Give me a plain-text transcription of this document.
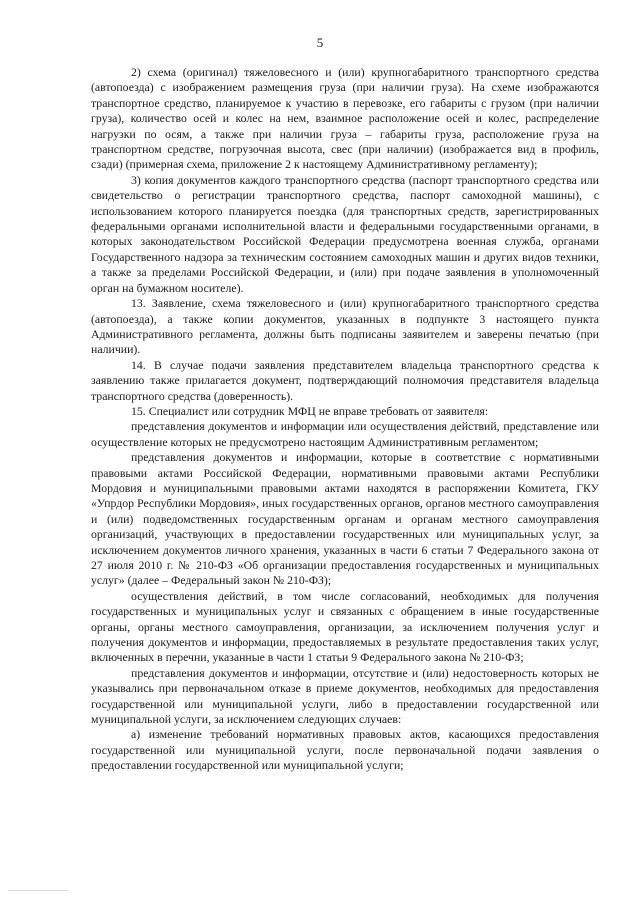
5

2) схема (оригинал) тяжеловесного и (или) крупногабаритного транспортного средства (автопоезда) с изображением размещения груза (при наличии груза). На схеме изображаются транспортное средство, планируемое к участию в перевозке, его габариты с грузом (при наличии груза), количество осей и колес на нем, взаимное расположение осей и колес, распределение нагрузки по осям, а также при наличии груза – габариты груза, расположение груза на транспортном средстве, погрузочная высота, свес (при наличии) (изображается вид в профиль, сзади) (примерная схема, приложение 2 к настоящему Административному регламенту);

3) копия документов каждого транспортного средства (паспорт транспортного средства или свидетельство о регистрации транспортного средства, паспорт самоходной машины), с использованием которого планируется поездка (для транспортных средств, зарегистрированных федеральными органами исполнительной власти и федеральными государственными органами, в которых законодательством Российской Федерации предусмотрена военная служба, органами Государственного надзора за техническим состоянием самоходных машин и других видов техники, а также за пределами Российской Федерации, и (или) при подаче заявления в уполномоченный орган на бумажном носителе).

13. Заявление, схема тяжеловесного и (или) крупногабаритного транспортного средства (автопоезда), а также копии документов, указанных в подпункте 3 настоящего пункта Административного регламента, должны быть подписаны заявителем и заверены печатью (при наличии).

14. В случае подачи заявления представителем владельца транспортного средства к заявлению также прилагается документ, подтверждающий полномочия представителя владельца транспортного средства (доверенность).

15. Специалист или сотрудник МФЦ не вправе требовать от заявителя:

представления документов и информации или осуществления действий, представление или осуществление которых не предусмотрено настоящим Административным регламентом;

представления документов и информации, которые в соответствие с нормативными правовыми актами Российской Федерации, нормативными правовыми актами Республики Мордовия и муниципальными правовыми актами находятся в распоряжении Комитета, ГКУ «Упрдор Республики Мордовия», иных государственных органов, органов местного самоуправления и (или) подведомственных государственным органам и органам местного самоуправления организаций, участвующих в предоставлении государственных или муниципальных услуг, за исключением документов личного хранения, указанных в части 6 статьи 7 Федерального закона от 27 июля 2010 г. № 210-ФЗ «Об организации предоставления государственных и муниципальных услуг» (далее – Федеральный закон № 210-ФЗ);

осуществления действий, в том числе согласований, необходимых для получения государственных и муниципальных услуг и связанных с обращением в иные государственные органы, органы местного самоуправления, организации, за исключением получения услуг и получения документов и информации, предоставляемых в результате предоставления таких услуг, включенных в перечни, указанные в части 1 статьи 9 Федерального закона № 210-ФЗ;

представления документов и информации, отсутствие и (или) недостоверность которых не указывались при первоначальном отказе в приеме документов, необходимых для предоставления государственной или муниципальной услуги, либо в предоставлении государственной или муниципальной услуги, за исключением следующих случаев:

а) изменение требований нормативных правовых актов, касающихся предоставления государственной или муниципальной услуги, после первоначальной подачи заявления о предоставлении государственной или муниципальной услуги;
